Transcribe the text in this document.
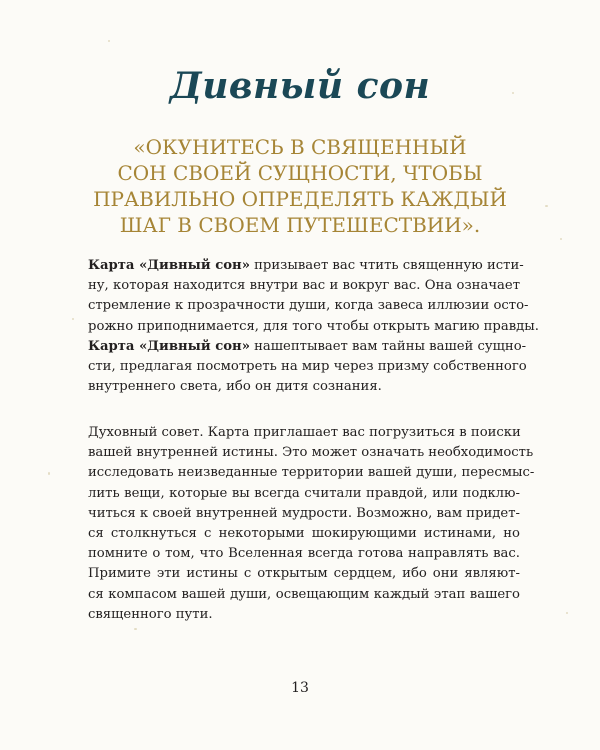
Дивный сон

«ОКУНИТЕСЬ В СВЯЩЕННЫЙ
СОН СВОЕЙ СУЩНОСТИ, ЧТОБЫ
ПРАВИЛЬНО ОПРЕДЕЛЯТЬ КАЖДЫЙ
ШАГ В СВОЕМ ПУТЕШЕСТВИИ».

Карта «Дивный сон» призывает вас чтить священную исти-
ну, которая находится внутри вас и вокруг вас. Она означает
стремление к прозрачности души, когда завеса иллюзии осто-
рожно приподнимается, для того чтобы открыть магию правды.
Карта «Дивный сон» нашептывает вам тайны вашей сущно-
сти, предлагая посмотреть на мир через призму собственного
внутреннего света, ибо он дитя сознания.
Духовный совет. Карта приглашает вас погрузиться в поиски
вашей внутренней истины. Это может означать необходимость
исследовать неизведанные территории вашей души, пересмыс-
лить вещи, которые вы всегда считали правдой, или подклю-
читься к своей внутренней мудрости. Возможно, вам придет-
ся столкнуться с некоторыми шокирующими истинами, но
помните о том, что Вселенная всегда готова направлять вас.
Примите эти истины с открытым сердцем, ибо они являют-
ся компасом вашей души, освещающим каждый этап вашего
священного пути.
13
